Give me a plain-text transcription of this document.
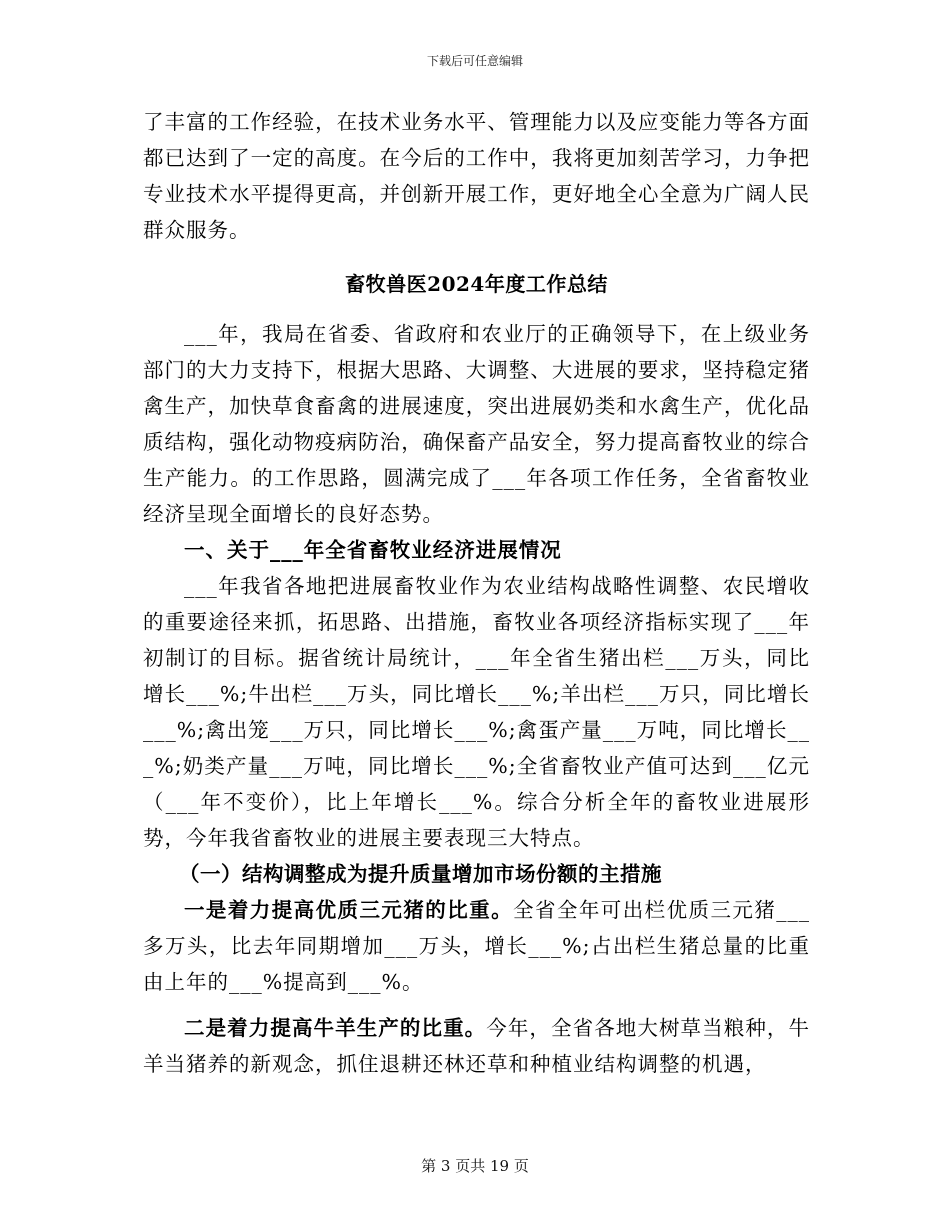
下载后可任意编辑

了丰富的工作经验，在技术业务水平、管理能力以及应变能力等各方面都已达到了一定的高度。在今后的工作中，我将更加刻苦学习，力争把专业技术水平提得更高，并创新开展工作，更好地全心全意为广阔人民群众服务。

畜牧兽医2024年度工作总结

___年，我局在省委、省政府和农业厅的正确领导下，在上级业务部门的大力支持下，根据大思路、大调整、大进展的要求，坚持稳定猪禽生产，加快草食畜禽的进展速度，突出进展奶类和水禽生产，优化品质结构，强化动物疫病防治，确保畜产品安全，努力提高畜牧业的综合生产能力。的工作思路，圆满完成了___年各项工作任务，全省畜牧业经济呈现全面增长的良好态势。

一、关于___年全省畜牧业经济进展情况

___年我省各地把进展畜牧业作为农业结构战略性调整、农民增收的重要途径来抓，拓思路、出措施，畜牧业各项经济指标实现了___年初制订的目标。据省统计局统计，___年全省生猪出栏___万头，同比增长___%;牛出栏___万头，同比增长___%;羊出栏___万只，同比增长___%;禽出笼___万只，同比增长___%;禽蛋产量___万吨，同比增长___%;奶类产量___万吨，同比增长___%;全省畜牧业产值可达到___亿元（___年不变价），比上年增长___%。综合分析全年的畜牧业进展形势，今年我省畜牧业的进展主要表现三大特点。

（一）结构调整成为提升质量增加市场份额的主措施

一是着力提高优质三元猪的比重。全省全年可出栏优质三元猪___多万头，比去年同期增加___万头，增长___%;占出栏生猪总量的比重由上年的___%提高到___%。

二是着力提高牛羊生产的比重。今年，全省各地大树草当粮种，牛羊当猪养的新观念，抓住退耕还林还草和种植业结构调整的机遇，

第 3 页共 19 页
